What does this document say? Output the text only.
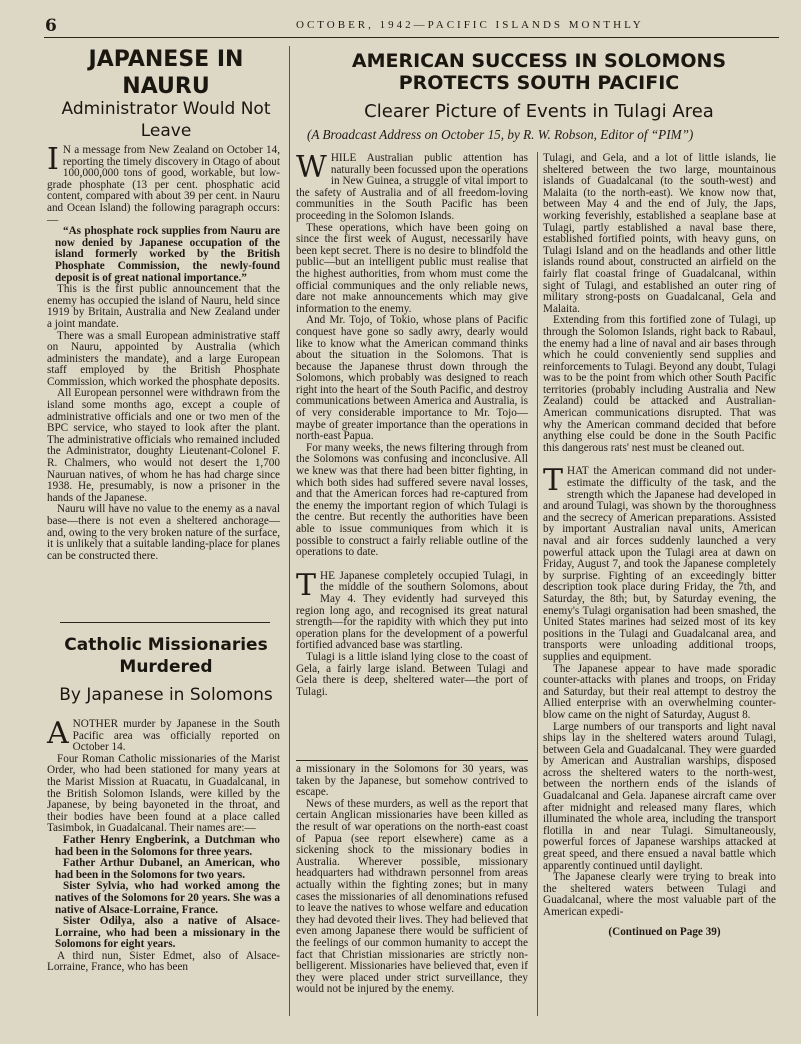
6	OCTOBER, 1942—PACIFIC ISLANDS MONTHLY
JAPANESE IN NAURU
Administrator Would Not Leave

I N a message from New Zealand on October 14, reporting the timely discovery in Otago of about 100,000,000 tons of good, workable, but low-grade phosphate (13 per cent. phosphatic acid content, compared with about 39 per cent. in Nauru and Ocean Island) the following paragraph occurs:—

“As phosphate rock supplies from Nauru are now denied by Japanese occupation of the island formerly worked by the British Phosphate Commission, the newly-found deposit is of great national importance.”

This is the first public announcement that the enemy has occupied the island of Nauru, held since 1919 by Britain, Australia and New Zealand under a joint mandate.

There was a small European administrative staff on Nauru, appointed by Australia (which administers the mandate), and a large European staff employed by the British Phosphate Commission, which worked the phosphate deposits.

All European personnel were withdrawn from the island some months ago, except a couple of administrative officials and one or two men of the BPC service, who stayed to look after the plant. The administrative officials who remained included the Administrator, doughty Lieutenant-Colonel F. R. Chalmers, who would not desert the 1,700 Nauruan natives, of whom he has had charge since 1938. He, presumably, is now a prisoner in the hands of the Japanese.

Nauru will have no value to the enemy as a naval base—there is not even a sheltered anchorage—and, owing to the very broken nature of the surface, it is unlikely that a suitable landing-place for planes can be constructed there.

Catholic Missionaries Murdered
By Japanese in Solomons

ANOTHER murder by Japanese in the South Pacific area was officially reported on October 14.

Four Roman Catholic missionaries of the Marist Order, who had been stationed for many years at the Marist Mission at Ruacatu, in Guadalcanal, in the British Solomon Islands, were killed by the Japanese, by being bayoneted in the throat, and their bodies have been found at a place called Tasimbok, in Guadalcanal. Their names are:—

Father Henry Engberink, a Dutchman who had been in the Solomons for three years.

Father Arthur Dubanel, an American, who had been in the Solomons for two years.

Sister Sylvia, who had worked among the natives of the Solomons for 20 years. She was a native of Alsace-Lorraine, France.

Sister Odilya, also a native of Alsace-Lorraine, who had been a missionary in the Solomons for eight years.

A third nun, Sister Edmet, also of Alsace-Lorraine, France, who has been

AMERICAN SUCCESS IN SOLOMONS PROTECTS SOUTH PACIFIC
Clearer Picture of Events in Tulagi Area
(A Broadcast Address on October 15, by R. W. Robson, Editor of “PIM”)

WHILE Australian public attention has naturally been focussed upon the operations in New Guinea, a struggle of vital import to the safety of Australia and of all freedom-loving communities in the South Pacific has been proceeding in the Solomon Islands.

These operations, which have been going on since the first week of August, necessarily have been kept secret. There is no desire to blindfold the public—but an intelligent public must realise that the highest authorities, from whom must come the official communiques and the only reliable news, dare not make announcements which may give information to the enemy.

And Mr. Tojo, of Tokio, whose plans of Pacific conquest have gone so sadly awry, dearly would like to know what the American command thinks about the situation in the Solomons. That is because the Japanese thrust down through the Solomons, which probably was designed to reach right into the heart of the South Pacific, and destroy communications between America and Australia, is of very considerable importance to Mr. Tojo—maybe of greater importance than the operations in north-east Papua.

For many weeks, the news filtering through from the Solomons was confusing and inconclusive. All we knew was that there had been bitter fighting, in which both sides had suffered severe naval losses, and that the American forces had re-captured from the enemy the important region of which Tulagi is the centre. But recently the authorities have been able to issue communiques from which it is possible to construct a fairly reliable outline of the operations to date.

THE Japanese completely occupied Tulagi, in the middle of the southern Solomons, about May 4. They evidently had surveyed this region long ago, and recognised its great natural strength—for the rapidity with which they put into operation plans for the development of a powerful fortified advanced base was startling.

Tulagi is a little island lying close to the coast of Gela, a fairly large island. Between Tulagi and Gela there is deep, sheltered water—the port of Tulagi.

a missionary in the Solomons for 30 years, was taken by the Japanese, but somehow contrived to escape.

News of these murders, as well as the report that certain Anglican missionaries have been killed as the result of war operations on the north-east coast of Papua (see report elsewhere) came as a sickening shock to the missionary bodies in Australia. Wherever possible, missionary headquarters had withdrawn personnel from areas actually within the fighting zones; but in many cases the missionaries of all denominations refused to leave the natives to whose welfare and education they had devoted their lives. They had believed that even among Japanese there would be sufficient of the feelings of our common humanity to accept the fact that Christian missionaries are strictly non-belligerent. Missionaries have believed that, even if they were placed under strict surveillance, they would not be injured by the enemy.

Tulagi, and Gela, and a lot of little islands, lie sheltered between the two large, mountainous islands of Guadalcanal (to the south-west) and Malaita (to the north-east). We know now that, between May 4 and the end of July, the Japs, working feverishly, established a seaplane base at Tulagi, partly established a naval base there, established fortified points, with heavy guns, on Tulagi Island and on the headlands and other little islands round about, constructed an airfield on the fairly flat coastal fringe of Guadalcanal, within sight of Tulagi, and established an outer ring of military strong-posts on Guadalcanal, Gela and Malaita.

Extending from this fortified zone of Tulagi, up through the Solomon Islands, right back to Rabaul, the enemy had a line of naval and air bases through which he could conveniently send supplies and reinforcements to Tulagi. Beyond any doubt, Tulagi was to be the point from which other South Pacific territories (probably including Australia and New Zealand) could be attacked and Australian-American communications disrupted. That was why the American command decided that before anything else could be done in the South Pacific this dangerous rats' nest must be cleaned out.

THAT the American command did not under-estimate the difficulty of the task, and the strength which the Japanese had developed in and around Tulagi, was shown by the thoroughness and the secrecy of American preparations. Assisted by important Australian naval units, American naval and air forces suddenly launched a very powerful attack upon the Tulagi area at dawn on Friday, August 7, and took the Japanese completely by surprise. Fighting of an exceedingly bitter description took place during Friday, the 7th, and Saturday, the 8th; but, by Saturday evening, the enemy's Tulagi organisation had been smashed, the United States marines had seized most of its key positions in the Tulagi and Guadalcanal area, and transports were unloading additional troops, supplies and equipment.

The Japanese appear to have made sporadic counter-attacks with planes and troops, on Friday and Saturday, but their real attempt to destroy the Allied enterprise with an overwhelming counter-blow came on the night of Saturday, August 8.

Large numbers of our transports and light naval ships lay in the sheltered waters around Tulagi, between Gela and Guadalcanal. They were guarded by American and Australian warships, disposed across the sheltered waters to the north-west, between the northern ends of the islands of Guadalcanal and Gela. Japanese aircraft came over after midnight and released many flares, which illuminated the whole area, including the transport flotilla in and near Tulagi. Simultaneously, powerful forces of Japanese warships attacked at great speed, and there ensued a naval battle which apparently continued until daylight.

The Japanese clearly were trying to break into the sheltered waters between Tulagi and Guadalcanal, where the most valuable part of the American expedi-

(Continued on Page 39)
